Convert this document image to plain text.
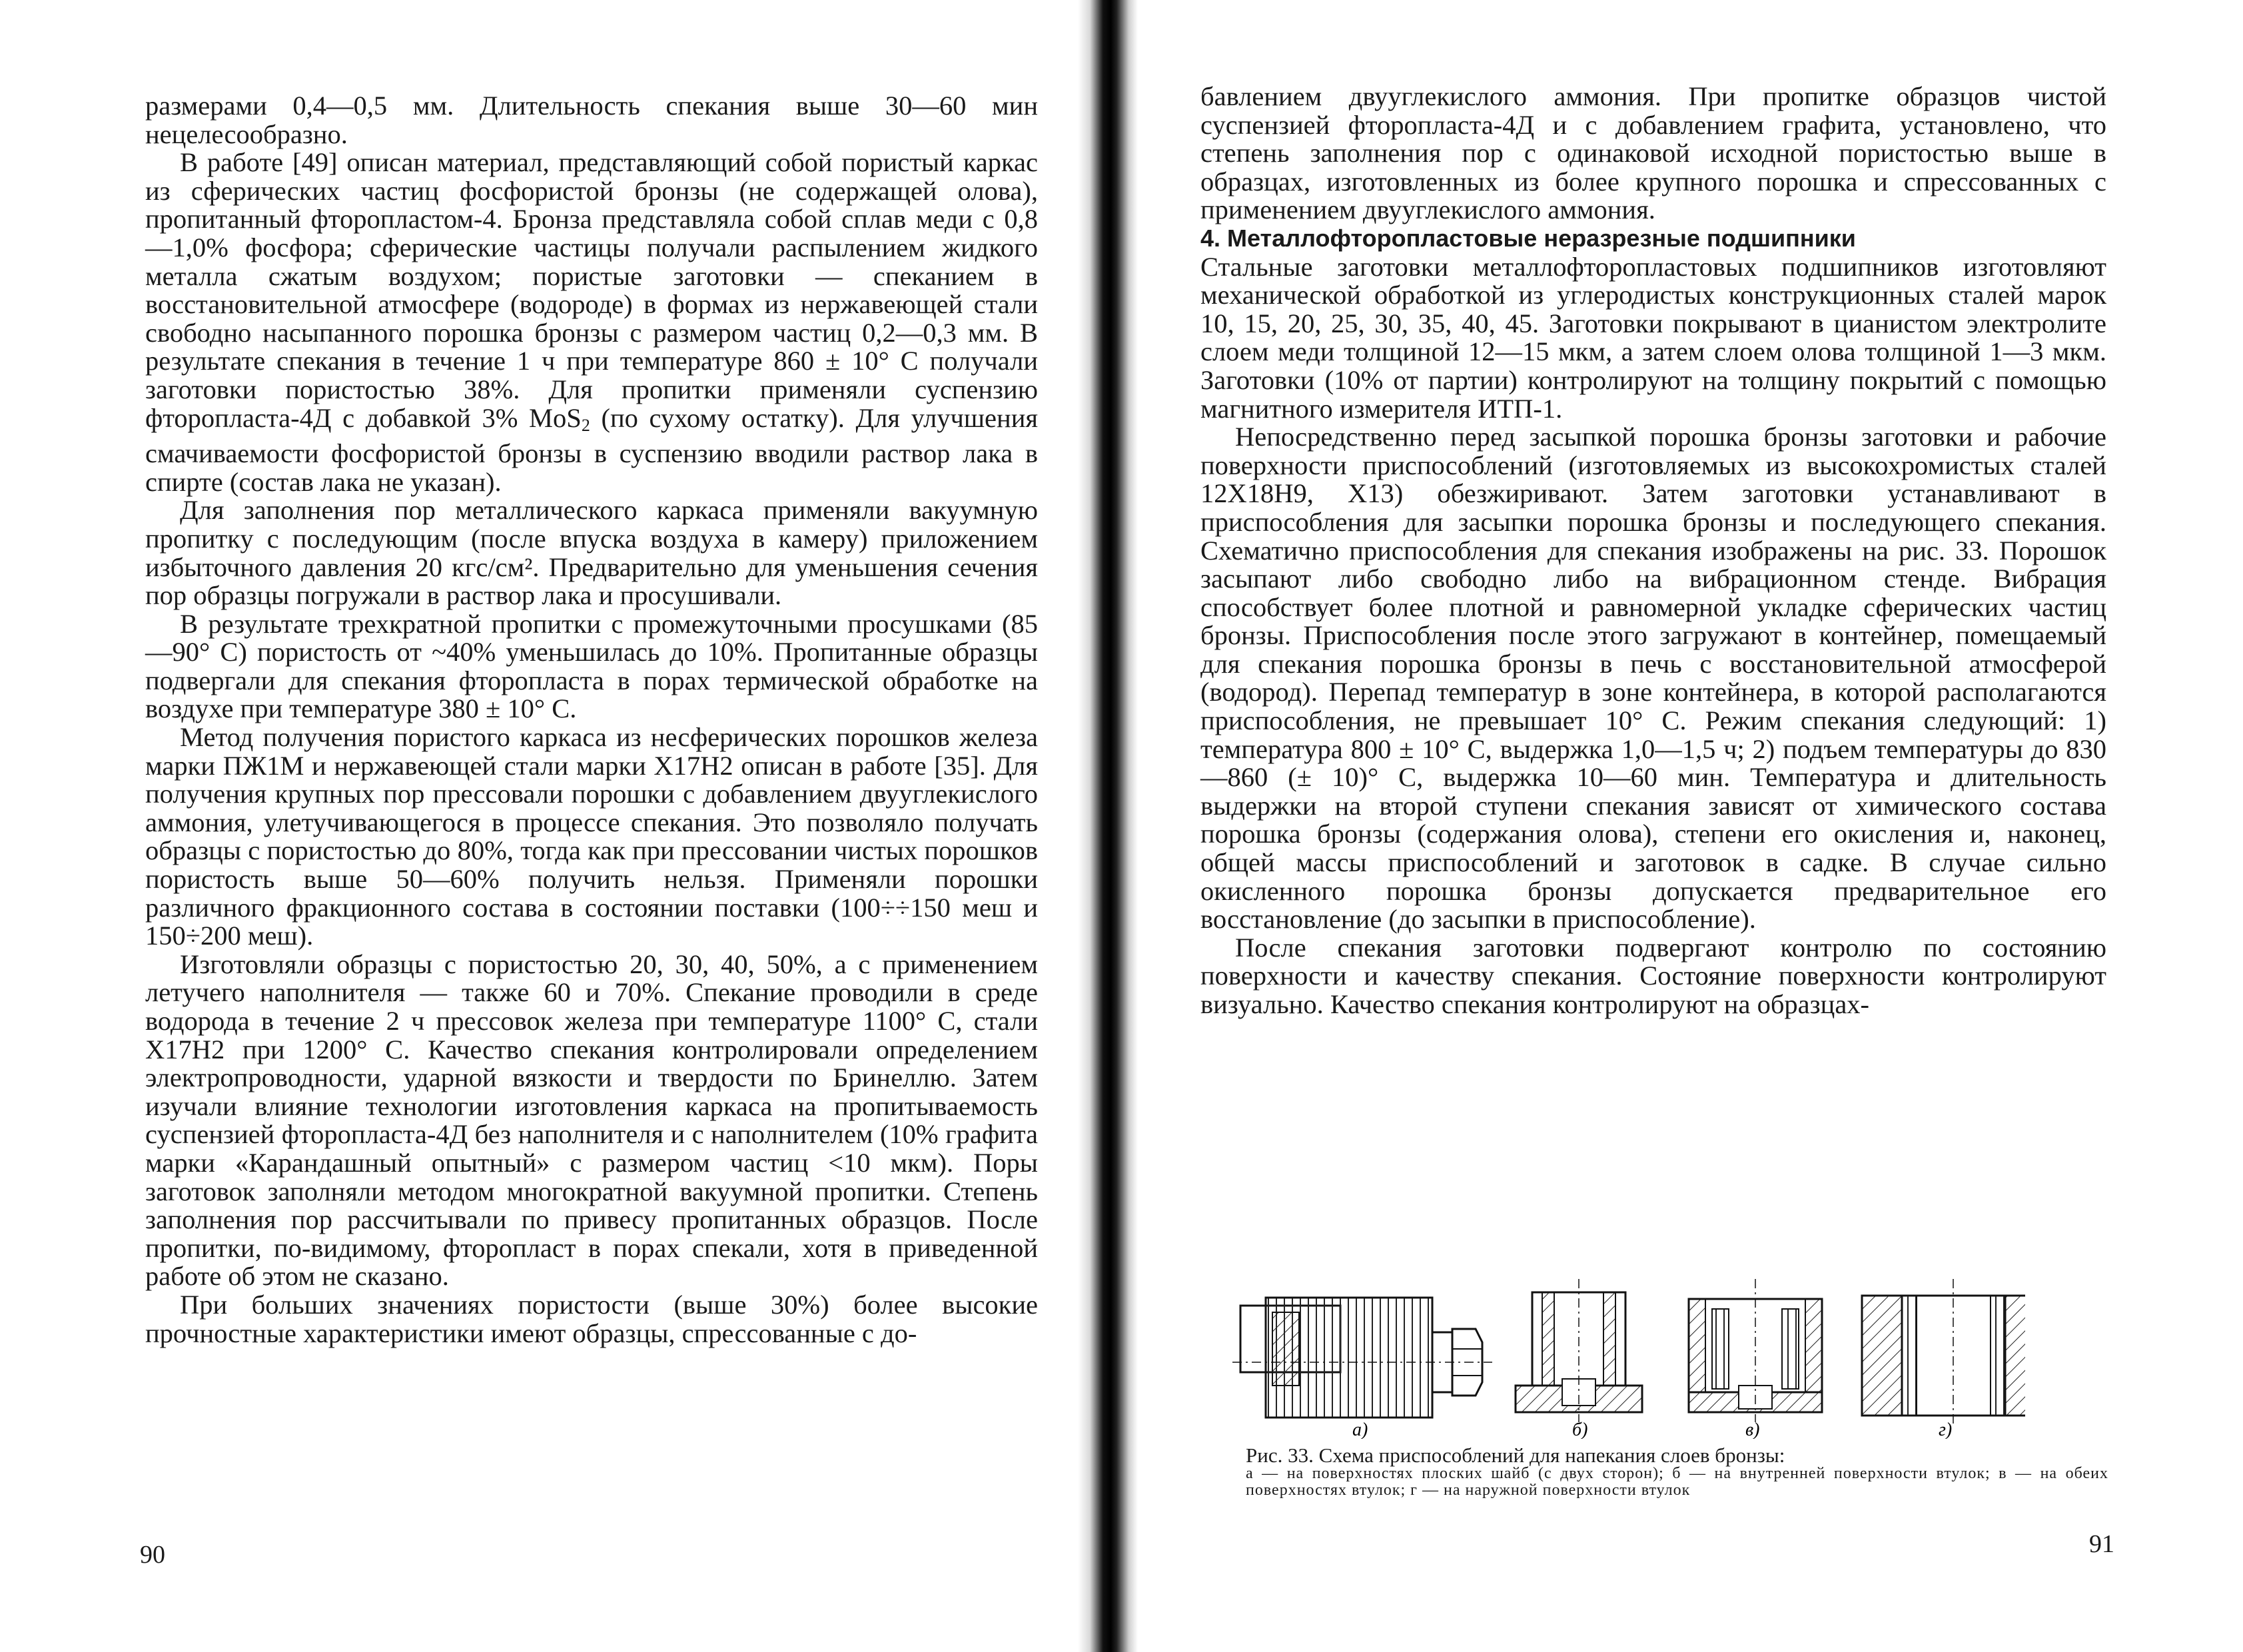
размерами 0,4—0,5 мм. Длительность спекания выше 30—60 мин нецелесообразно.

В работе [49] описан материал, представляющий собой пористый каркас из сферических частиц фосфористой бронзы (не содержащей олова), пропитанный фторопластом-4. Бронза представляла собой сплав меди с 0,8—1,0% фосфора; сферические частицы получали распылением жидкого металла сжатым воздухом; пористые заготовки — спеканием в восстановительной атмосфере (водороде) в формах из нержавеющей стали свободно насыпанного порошка бронзы с размером частиц 0,2—0,3 мм. В результате спекания в течение 1 ч при температуре 860 ± 10° С получали заготовки пористостью 38%. Для пропитки применяли суспензию фторопласта-4Д с добавкой 3% MoS$_2$ (по сухому остатку). Для улучшения смачиваемости фосфористой бронзы в суспензию вводили раствор лака в спирте (состав лака не указан).

Для заполнения пор металлического каркаса применяли вакуумную пропитку с последующим (после впуска воздуха в камеру) приложением избыточного давления 20 кгс/см². Предварительно для уменьшения сечения пор образцы погружали в раствор лака и просушивали.

В результате трехкратной пропитки с промежуточными просушками (85—90° С) пористость от ~40% уменьшилась до 10%. Пропитанные образцы подвергали для спекания фторопласта в порах термической обработке на воздухе при температуре 380 ± 10° С.

Метод получения пористого каркаса из несферических порошков железа марки ПЖ1М и нержавеющей стали марки Х17Н2 описан в работе [35]. Для получения крупных пор прессовали порошки с добавлением двууглекислого аммония, улетучивающегося в процессе спекания. Это позволяло получать образцы с пористостью до 80%, тогда как при прессовании чистых порошков пористость выше 50—60% получить нельзя. Применяли порошки различного фракционного состава в состоянии поставки (100÷÷150 меш и 150÷200 меш).

Изготовляли образцы с пористостью 20, 30, 40, 50%, а с применением летучего наполнителя — также 60 и 70%. Спекание проводили в среде водорода в течение 2 ч прессовок железа при температуре 1100° С, стали Х17Н2 при 1200° С. Качество спекания контролировали определением электропроводности, ударной вязкости и твердости по Бринеллю. Затем изучали влияние технологии изготовления каркаса на пропитываемость суспензией фторопласта-4Д без наполнителя и с наполнителем (10% графита марки «Карандашный опытный» с размером частиц <10 мкм). Поры заготовок заполняли методом многократной вакуумной пропитки. Степень заполнения пор рассчитывали по привесу пропитанных образцов. После пропитки, по-видимому, фторопласт в порах спекали, хотя в приведенной работе об этом не сказано.

При больших значениях пористости (выше 30%) более высокие прочностные характеристики имеют образцы, спрессованные с до-

90

бавлением двууглекислого аммония. При пропитке образцов чистой суспензией фторопласта-4Д и с добавлением графита, установлено, что степень заполнения пор с одинаковой исходной пористостью выше в образцах, изготовленных из более крупного порошка и спрессованных с применением двууглекислого аммония.

4. Металлофторопластовые неразрезные подшипники

Стальные заготовки металлофторопластовых подшипников изготовляют механической обработкой из углеродистых конструкционных сталей марок 10, 15, 20, 25, 30, 35, 40, 45. Заготовки покрывают в цианистом электролите слоем меди толщиной 12—15 мкм, а затем слоем олова толщиной 1—3 мкм. Заготовки (10% от партии) контролируют на толщину покрытий с помощью магнитного измерителя ИТП-1.

Непосредственно перед засыпкой порошка бронзы заготовки и рабочие поверхности приспособлений (изготовляемых из высокохромистых сталей 12Х18Н9, Х13) обезжиривают. Затем заготовки устанавливают в приспособления для засыпки порошка бронзы и последующего спекания. Схематично приспособления для спекания изображены на рис. 33. Порошок засыпают либо свободно либо на вибрационном стенде. Вибрация способствует более плотной и равномерной укладке сферических частиц бронзы. Приспособления после этого загружают в контейнер, помещаемый для спекания порошка бронзы в печь с восстановительной атмосферой (водород). Перепад температур в зоне контейнера, в которой располагаются приспособления, не превышает 10° С. Режим спекания следующий: 1) температура 800 ± 10° С, выдержка 1,0—1,5 ч; 2) подъем температуры до 830—860 (± 10)° С, выдержка 10—60 мин. Температура и длительность выдержки на второй ступени спекания зависят от химического состава порошка бронзы (содержания олова), степени его окисления и, наконец, общей массы приспособлений и заготовок в садке. В случае сильно окисленного порошка бронзы допускается предварительное его восстановление (до засыпки в приспособление).

После спекания заготовки подвергают контролю по состоянию поверхности и качеству спекания. Состояние поверхности контролируют визуально. Качество спекания контролируют на образцах-

а)	б)	в)	г)
Рис. 33. Схема приспособлений для напекания слоев бронзы:
а — на поверхностях плоских шайб (с двух сторон); б — на внутренней поверхности втулок; в — на обеих поверхностях втулок; г — на наружной поверхности втулок
91
